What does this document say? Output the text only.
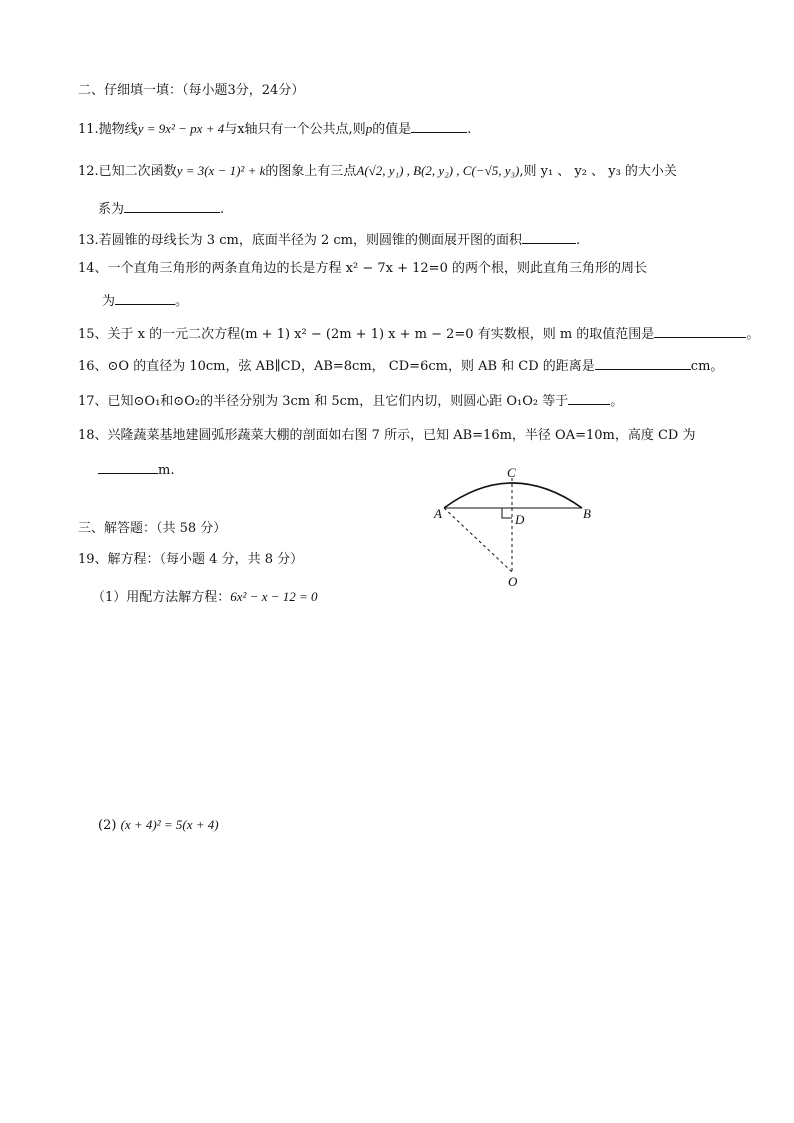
二、仔细填一填：（每小题3分，24分）
11.抛物线y = 9x² − px + 4与x轴只有一个公共点,则p的值是	.
12.已知二次函数y = 3(x − 1)² + k的图象上有三点A(√2, y₁) , B(2, y₂) , C(−√5, y₃),则 y₁ 、 y₂ 、 y₃ 的大小关
系为	.
13.若圆锥的母线长为 3 cm，底面半径为 2 cm，则圆锥的侧面展开图的面积	.
14、一个直角三角形的两条直角边的长是方程 x² − 7x + 12=0 的两个根，则此直角三角形的周长
为	。
15、关于 x 的一元二次方程(m + 1) x² − (2m + 1) x + m − 2=0 有实数根，则 m 的取值范围是	。
16、⊙O 的直径为 10cm，弦 AB∥CD，AB=8cm， CD=6cm，则 AB 和 CD 的距离是	cm。
17、已知⊙O₁和⊙O₂的半径分别为 3cm 和 5cm，且它们内切，则圆心距 O₁O₂ 等于	。
18、兴隆蔬菜基地建圆弧形蔬菜大棚的剖面如右图 7 所示，已知 AB=16m，半径 OA=10m，高度 CD 为
m.
A	B
C
D
O
三、解答题：（共 58 分）
19、解方程：（每小题 4 分，共 8 分）
（1）用配方法解方程：6x² − x − 12 = 0
(2) (x + 4)² = 5(x + 4)
